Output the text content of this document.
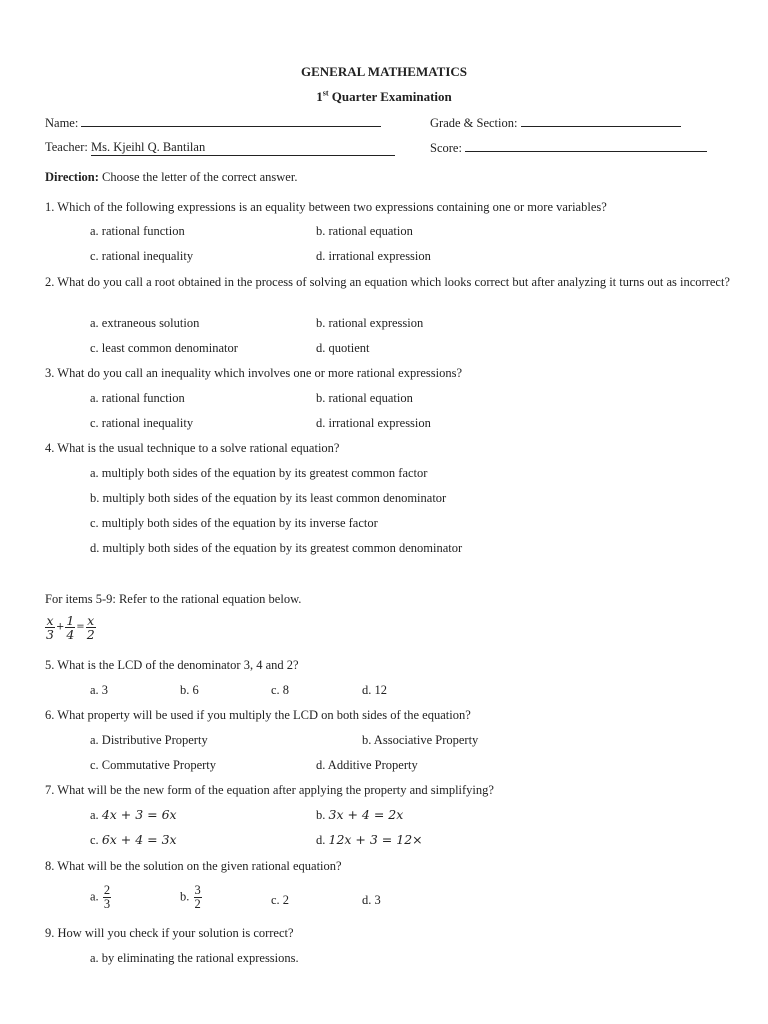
GENERAL MATHEMATICS
1st Quarter Examination
Name:	Grade & Section:
Teacher: Ms. Kjeihl Q. Bantilan	Score:
Direction: Choose the letter of the correct answer.
1. Which of the following expressions is an equality between two expressions containing one or more variables?
a. rational function	b. rational equation
c. rational inequality	d. irrational expression
2. What do you call a root obtained in the process of solving an equation which looks correct but after analyzing it turns out as incorrect?
a. extraneous solution	b. rational expression
c. least common denominator	d. quotient
3. What do you call an inequality which involves one or more rational expressions?
a. rational function	b. rational equation
c. rational inequality	d. irrational expression
4. What is the usual technique to a solve rational equation?
a. multiply both sides of the equation by its greatest common factor
b. multiply both sides of the equation by its least common denominator
c. multiply both sides of the equation by its inverse factor
d. multiply both sides of the equation by its greatest common denominator
For items 5-9: Refer to the rational equation below.
$\frac{x}{3} + \frac{1}{4} = \frac{x}{2}$
5. What is the LCD of the denominator 3, 4 and 2?
a. 3	b. 6	c. 8	d. 12
6. What property will be used if you multiply the LCD on both sides of the equation?
a. Distributive Property	b. Associative Property
c. Commutative Property	d. Additive Property
7. What will be the new form of the equation after applying the property and simplifying?
a. 4x + 3 = 6x	b. 3x + 4 = 2x
c. 6x + 4 = 3x	d. 12x + 3 = 12×
8. What will be the solution on the given rational equation?
a. $\frac{2}{3}$	b. $\frac{3}{2}$	c. 2	d. 3
9. How will you check if your solution is correct?
a. by eliminating the rational expressions.
